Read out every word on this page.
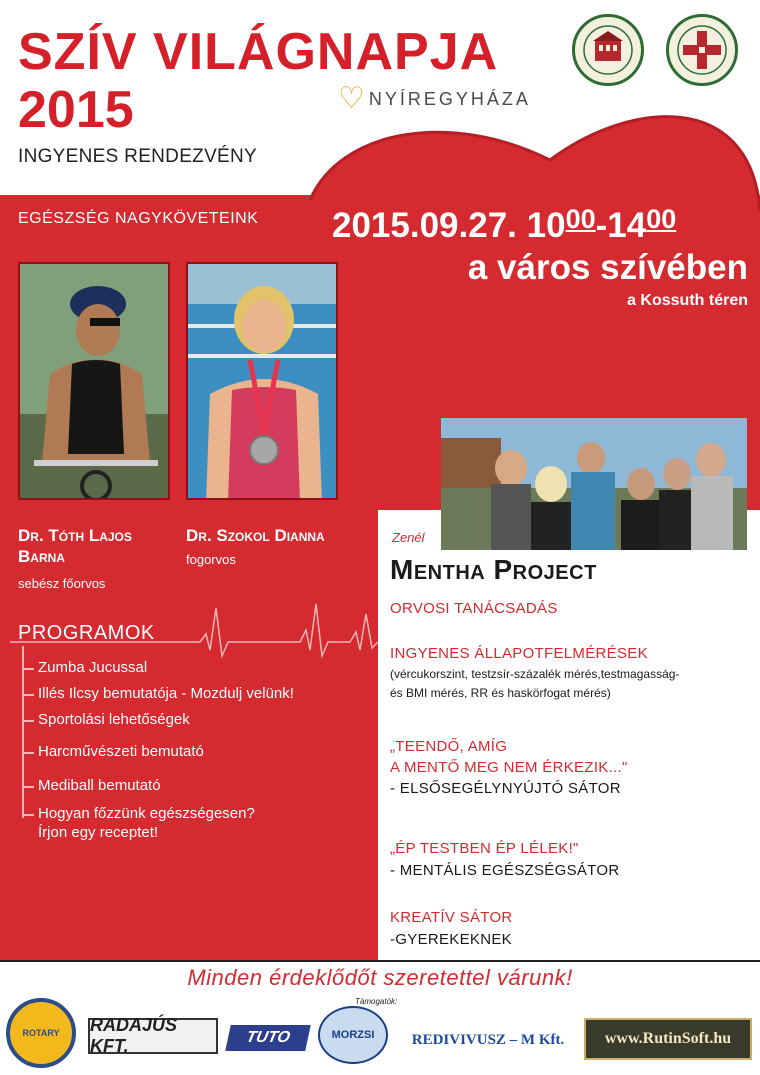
SZÍV VILÁGNAPJA
2015
INGYENES RENDEZVÉNY
♡ NYÍREGYHÁZA
EGÉSZSÉG NAGYKÖVETEINK 2015.09.27. $10^{00}-14^{00}$
a város szívében
a Kossuth téren
Dr. Tóth Lajos Barna
sebész főorvos
Dr. Szokol Dianna
fogorvos
PROGRAMOK
Zumba Jucussal
Illés Ilcsy bemutatója - Mozdulj velünk!
Sportolási lehetőségek
Harcművészeti bemutató
Mediball bemutató
Hogyan főzzünk egészségesen?
Írjon egy receptet!
Zenél
Mentha Project
ORVOSI TANÁCSADÁS
INGYENES ÁLLAPOTFELMÉRÉSEK
(vércukorszint, testzsír-százalék mérés,testmagasság-
és BMI mérés, RR és haskörfogat mérés)
„TEENDŐ, AMÍG
A MENTŐ MEG NEM ÉRKEZIK..."
- ELSŐSEGÉLYNYÚJTÓ SÁTOR
„ÉP TESTBEN ÉP LÉLEK!"
- MENTÁLIS EGÉSZSÉGSÁTOR
KREATÍV SÁTOR
-GYEREKEKNEK
Minden érdeklődőt szeretettel várunk!
Támogatók:
ROTARY	RADAJÚS KFT.	TUTO	MORZSI	REDIVIVUSZ – M Kft.	www.RutinSoft.hu
